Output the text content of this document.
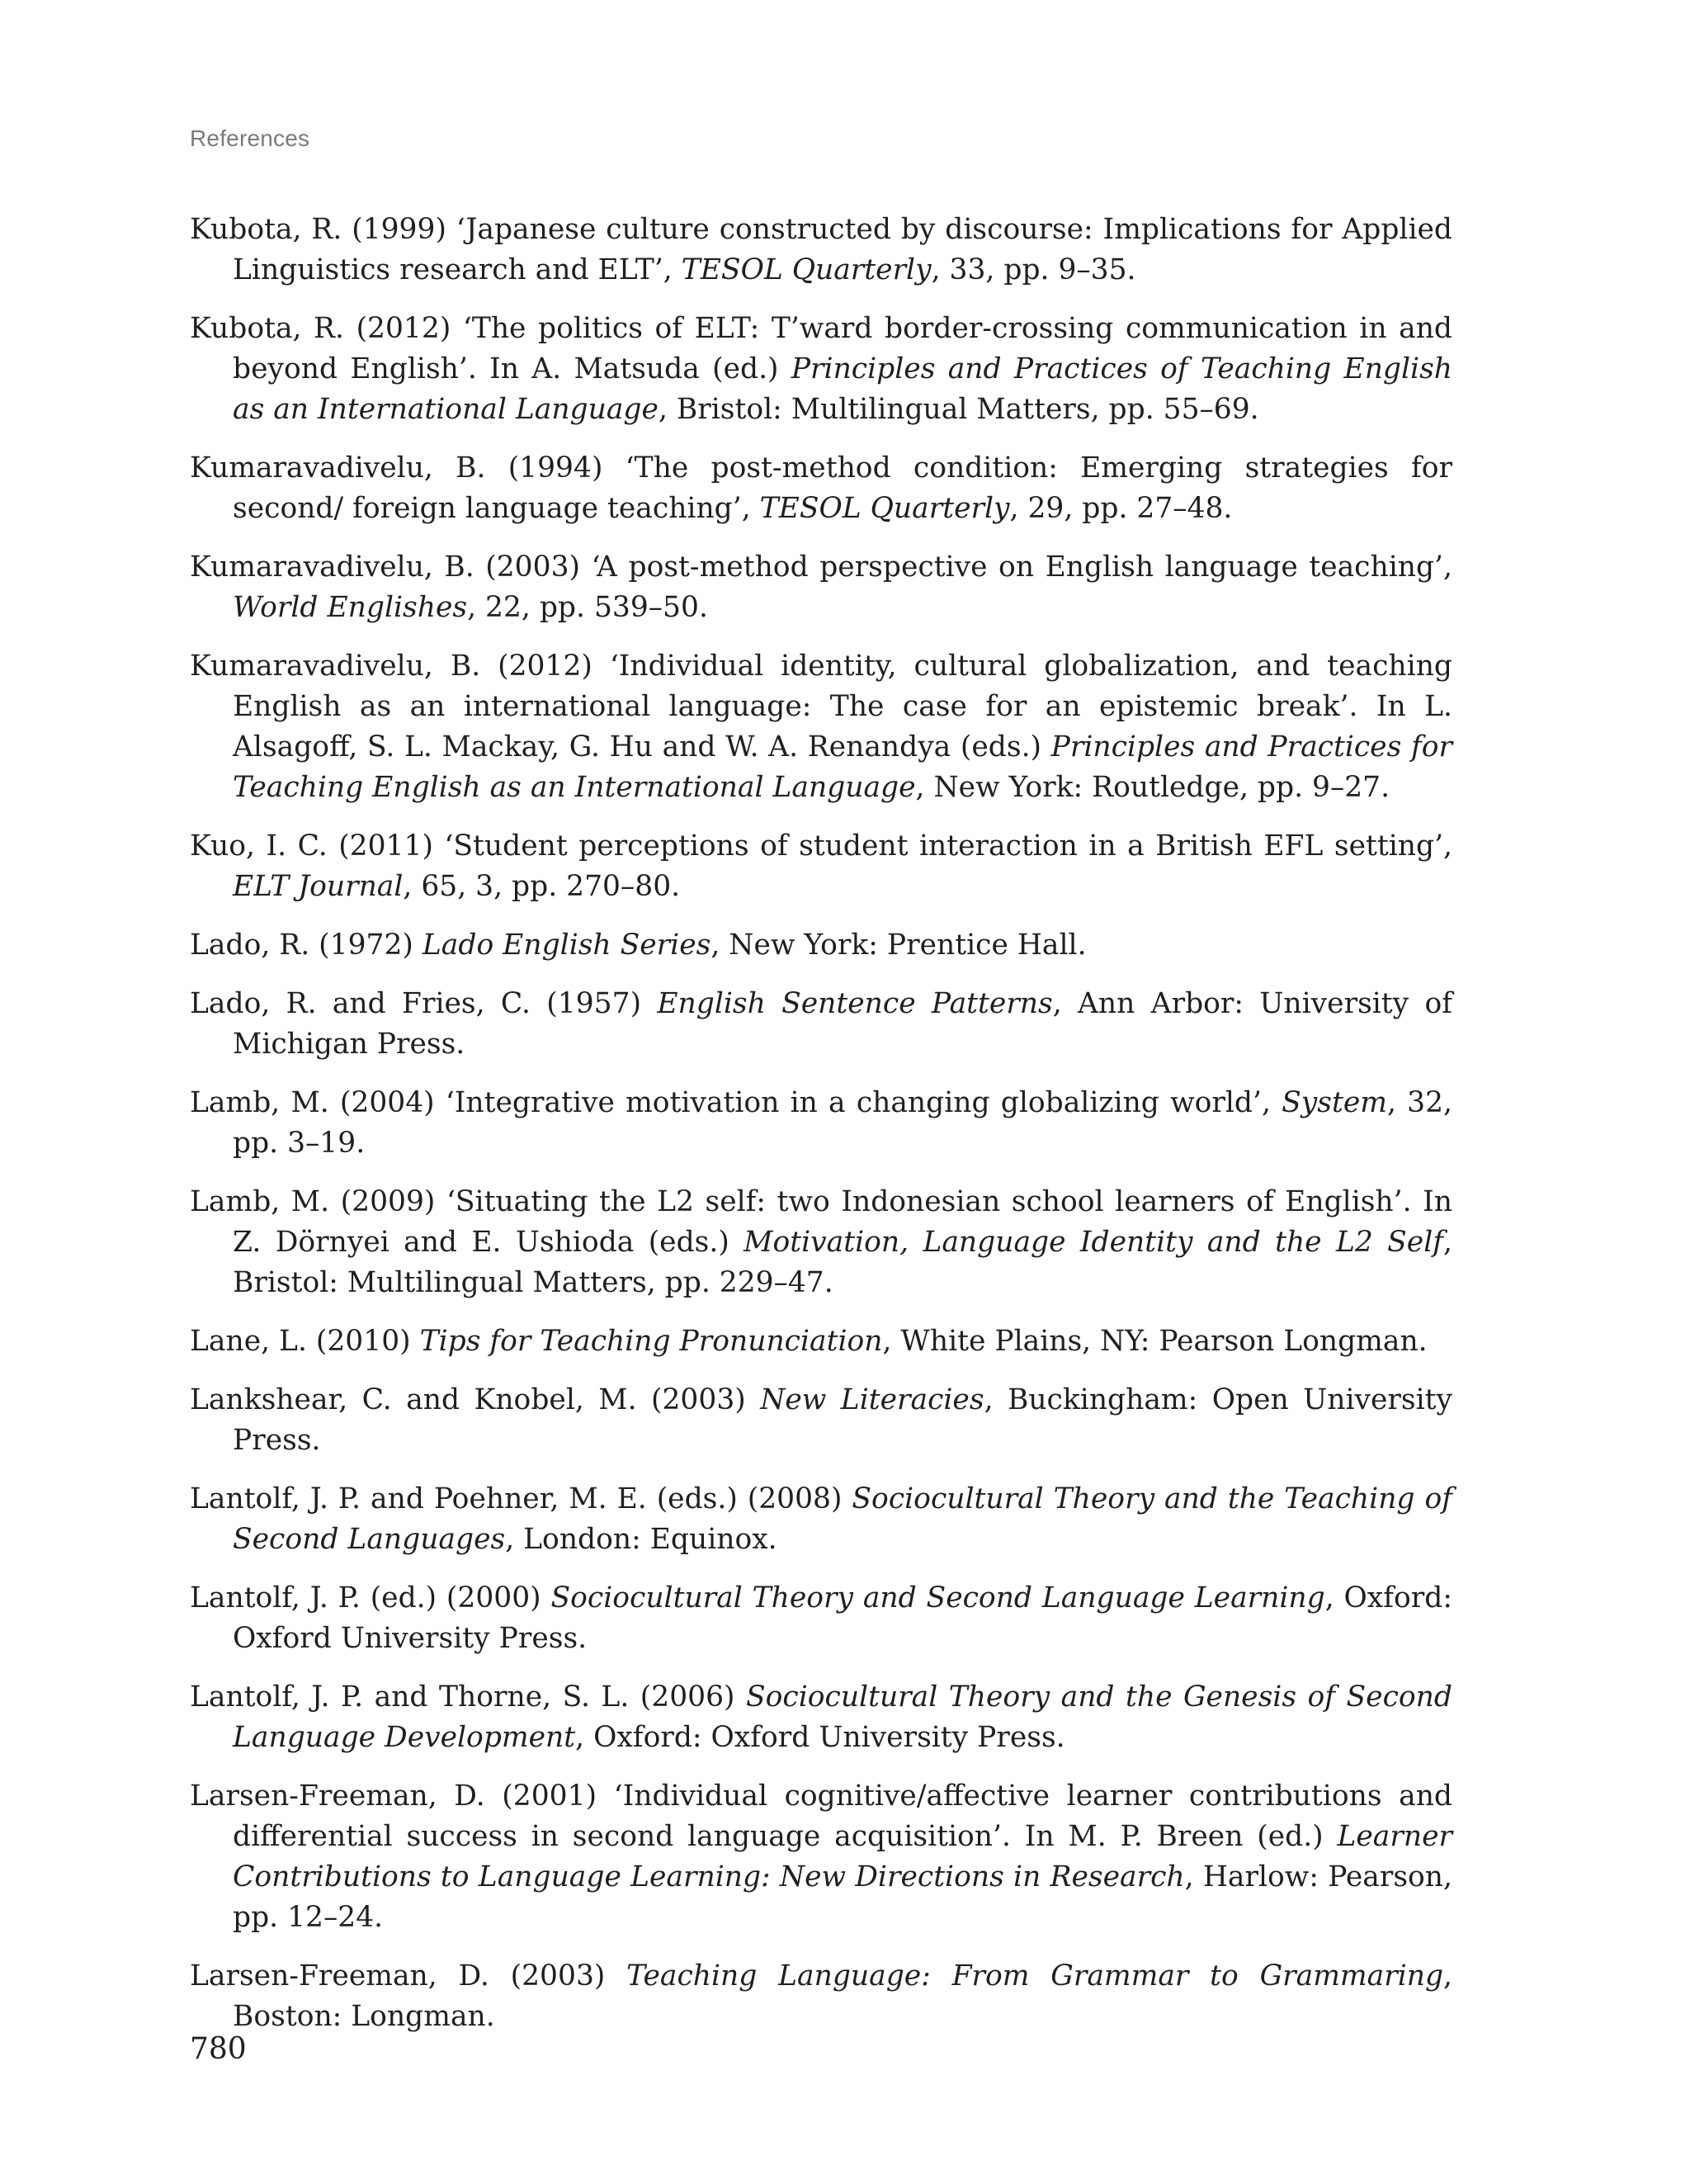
References

Kubota, R. (1999) ‘Japanese culture constructed by discourse: Implications for Applied Linguistics research and ELT’, TESOL Quarterly, 33, pp. 9–35.

Kubota, R. (2012) ‘The politics of ELT: T’ward border-crossing communication in and beyond English’. In A. Matsuda (ed.) Principles and Practices of Teaching English as an International Language, Bristol: Multilingual Matters, pp. 55–69.

Kumaravadivelu, B. (1994) ‘The post-method condition: Emerging strategies for second/ foreign language teaching’, TESOL Quarterly, 29, pp. 27–48.

Kumaravadivelu, B. (2003) ‘A post-method perspective on English language teaching’, World Englishes, 22, pp. 539–50.

Kumaravadivelu, B. (2012) ‘Individual identity, cultural globalization, and teaching English as an international language: The case for an epistemic break’. In L. Alsagoff, S. L. Mackay, G. Hu and W. A. Renandya (eds.) Principles and Practices for Teaching English as an International Language, New York: Routledge, pp. 9–27.

Kuo, I. C. (2011) ‘Student perceptions of student interaction in a British EFL setting’, ELT Journal, 65, 3, pp. 270–80.

Lado, R. (1972) Lado English Series, New York: Prentice Hall.

Lado, R. and Fries, C. (1957) English Sentence Patterns, Ann Arbor: University of Michigan Press.

Lamb, M. (2004) ‘Integrative motivation in a changing globalizing world’, System, 32, pp. 3–19.

Lamb, M. (2009) ‘Situating the L2 self: two Indonesian school learners of English’. In Z. Dörnyei and E. Ushioda (eds.) Motivation, Language Identity and the L2 Self, Bristol: Multilingual Matters, pp. 229–47.

Lane, L. (2010) Tips for Teaching Pronunciation, White Plains, NY: Pearson Longman.

Lankshear, C. and Knobel, M. (2003) New Literacies, Buckingham: Open University Press.

Lantolf, J. P. and Poehner, M. E. (eds.) (2008) Sociocultural Theory and the Teaching of Second Languages, London: Equinox.

Lantolf, J. P. (ed.) (2000) Sociocultural Theory and Second Language Learning, Oxford: Oxford University Press.

Lantolf, J. P. and Thorne, S. L. (2006) Sociocultural Theory and the Genesis of Second Language Development, Oxford: Oxford University Press.

Larsen-Freeman, D. (2001) ‘Individual cognitive/affective learner contributions and differential success in second language acquisition’. In M. P. Breen (ed.) Learner Contributions to Language Learning: New Directions in Research, Harlow: Pearson, pp. 12–24.

Larsen-Freeman, D. (2003) Teaching Language: From Grammar to Grammaring, Boston: Longman.

780
